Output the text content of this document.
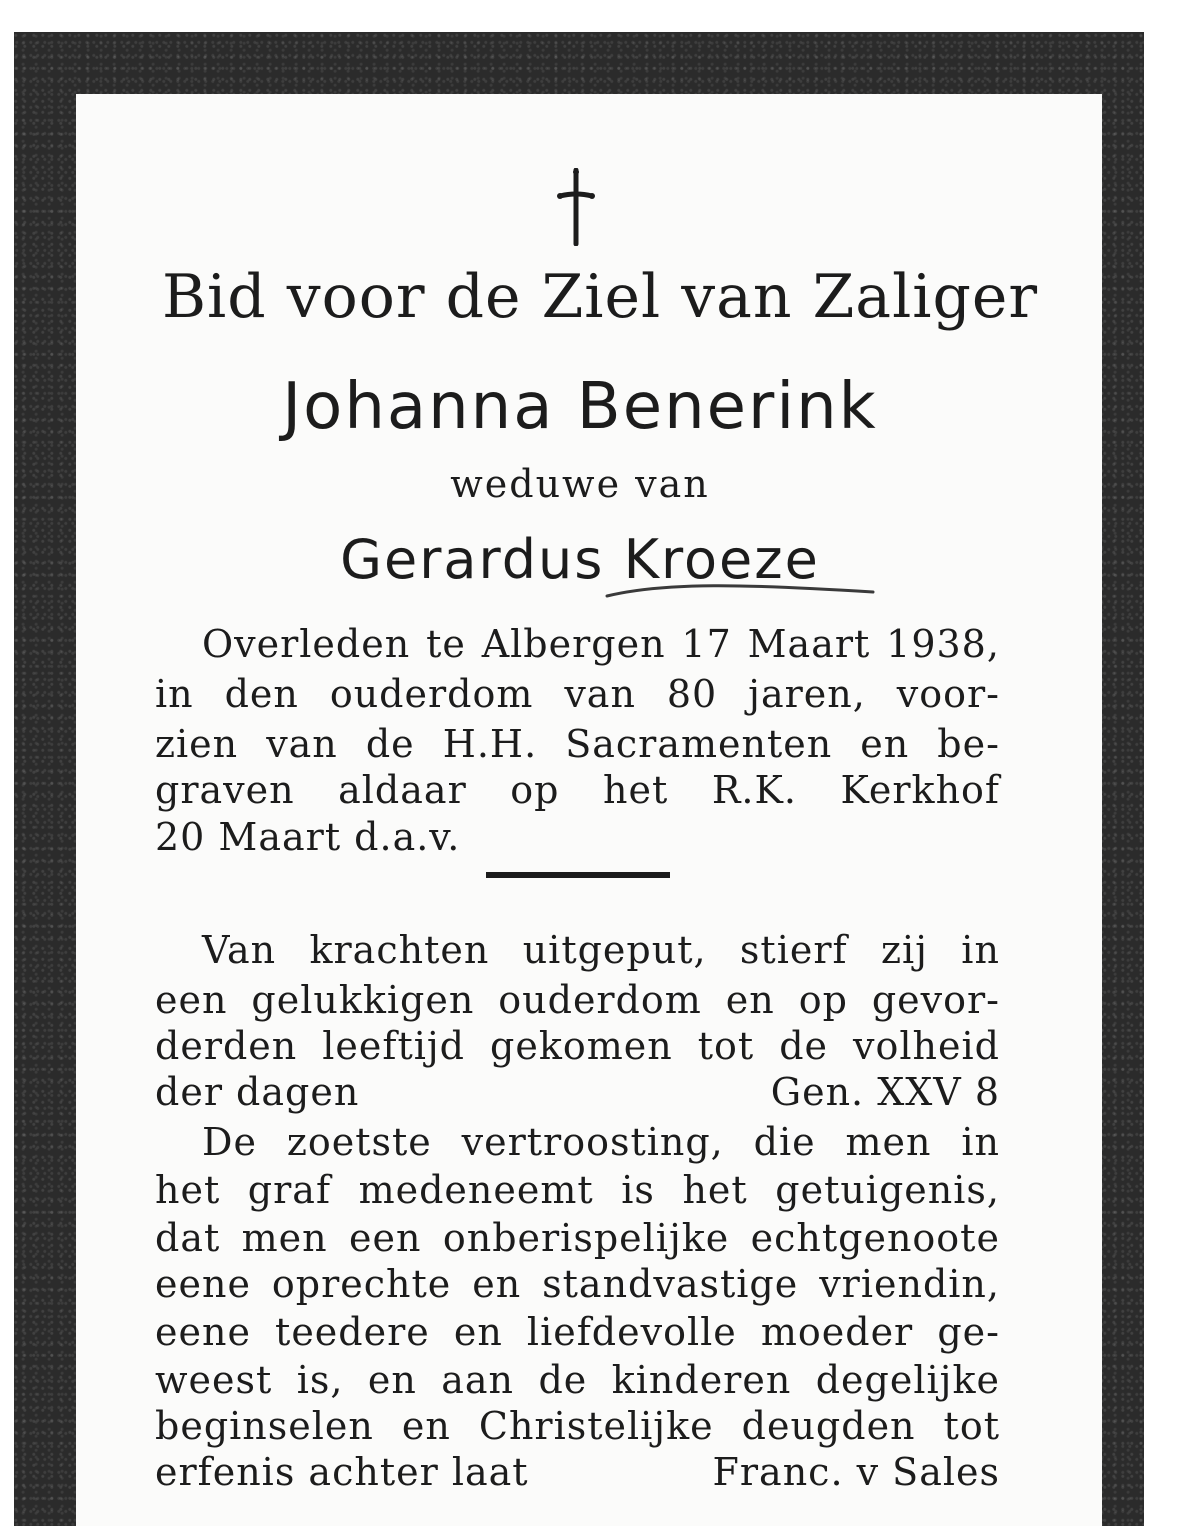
Bid voor de Ziel van Zaliger

Johanna Benerink

weduwe van

Gerardus Kroeze

Overleden te Albergen 17 Maart 1938,

in den ouderdom van 80 jaren, voor-

zien van de H.H. Sacramenten en be-

graven aldaar op het R.K. Kerkhof

20 Maart d.a.v.

Van krachten uitgeput, stierf zij in

een gelukkigen ouderdom en op gevor-

derden leeftijd gekomen tot de volheid

der dagen	Gen. XXV 8

De zoetste vertroosting, die men in

het graf medeneemt is het getuigenis,

dat men een onberispelijke echtgenoote

eene oprechte en standvastige vriendin,

eene teedere en liefdevolle moeder ge-

weest is, en aan de kinderen degelijke

beginselen en Christelijke deugden tot

erfenis achter laat	Franc. v Sales
